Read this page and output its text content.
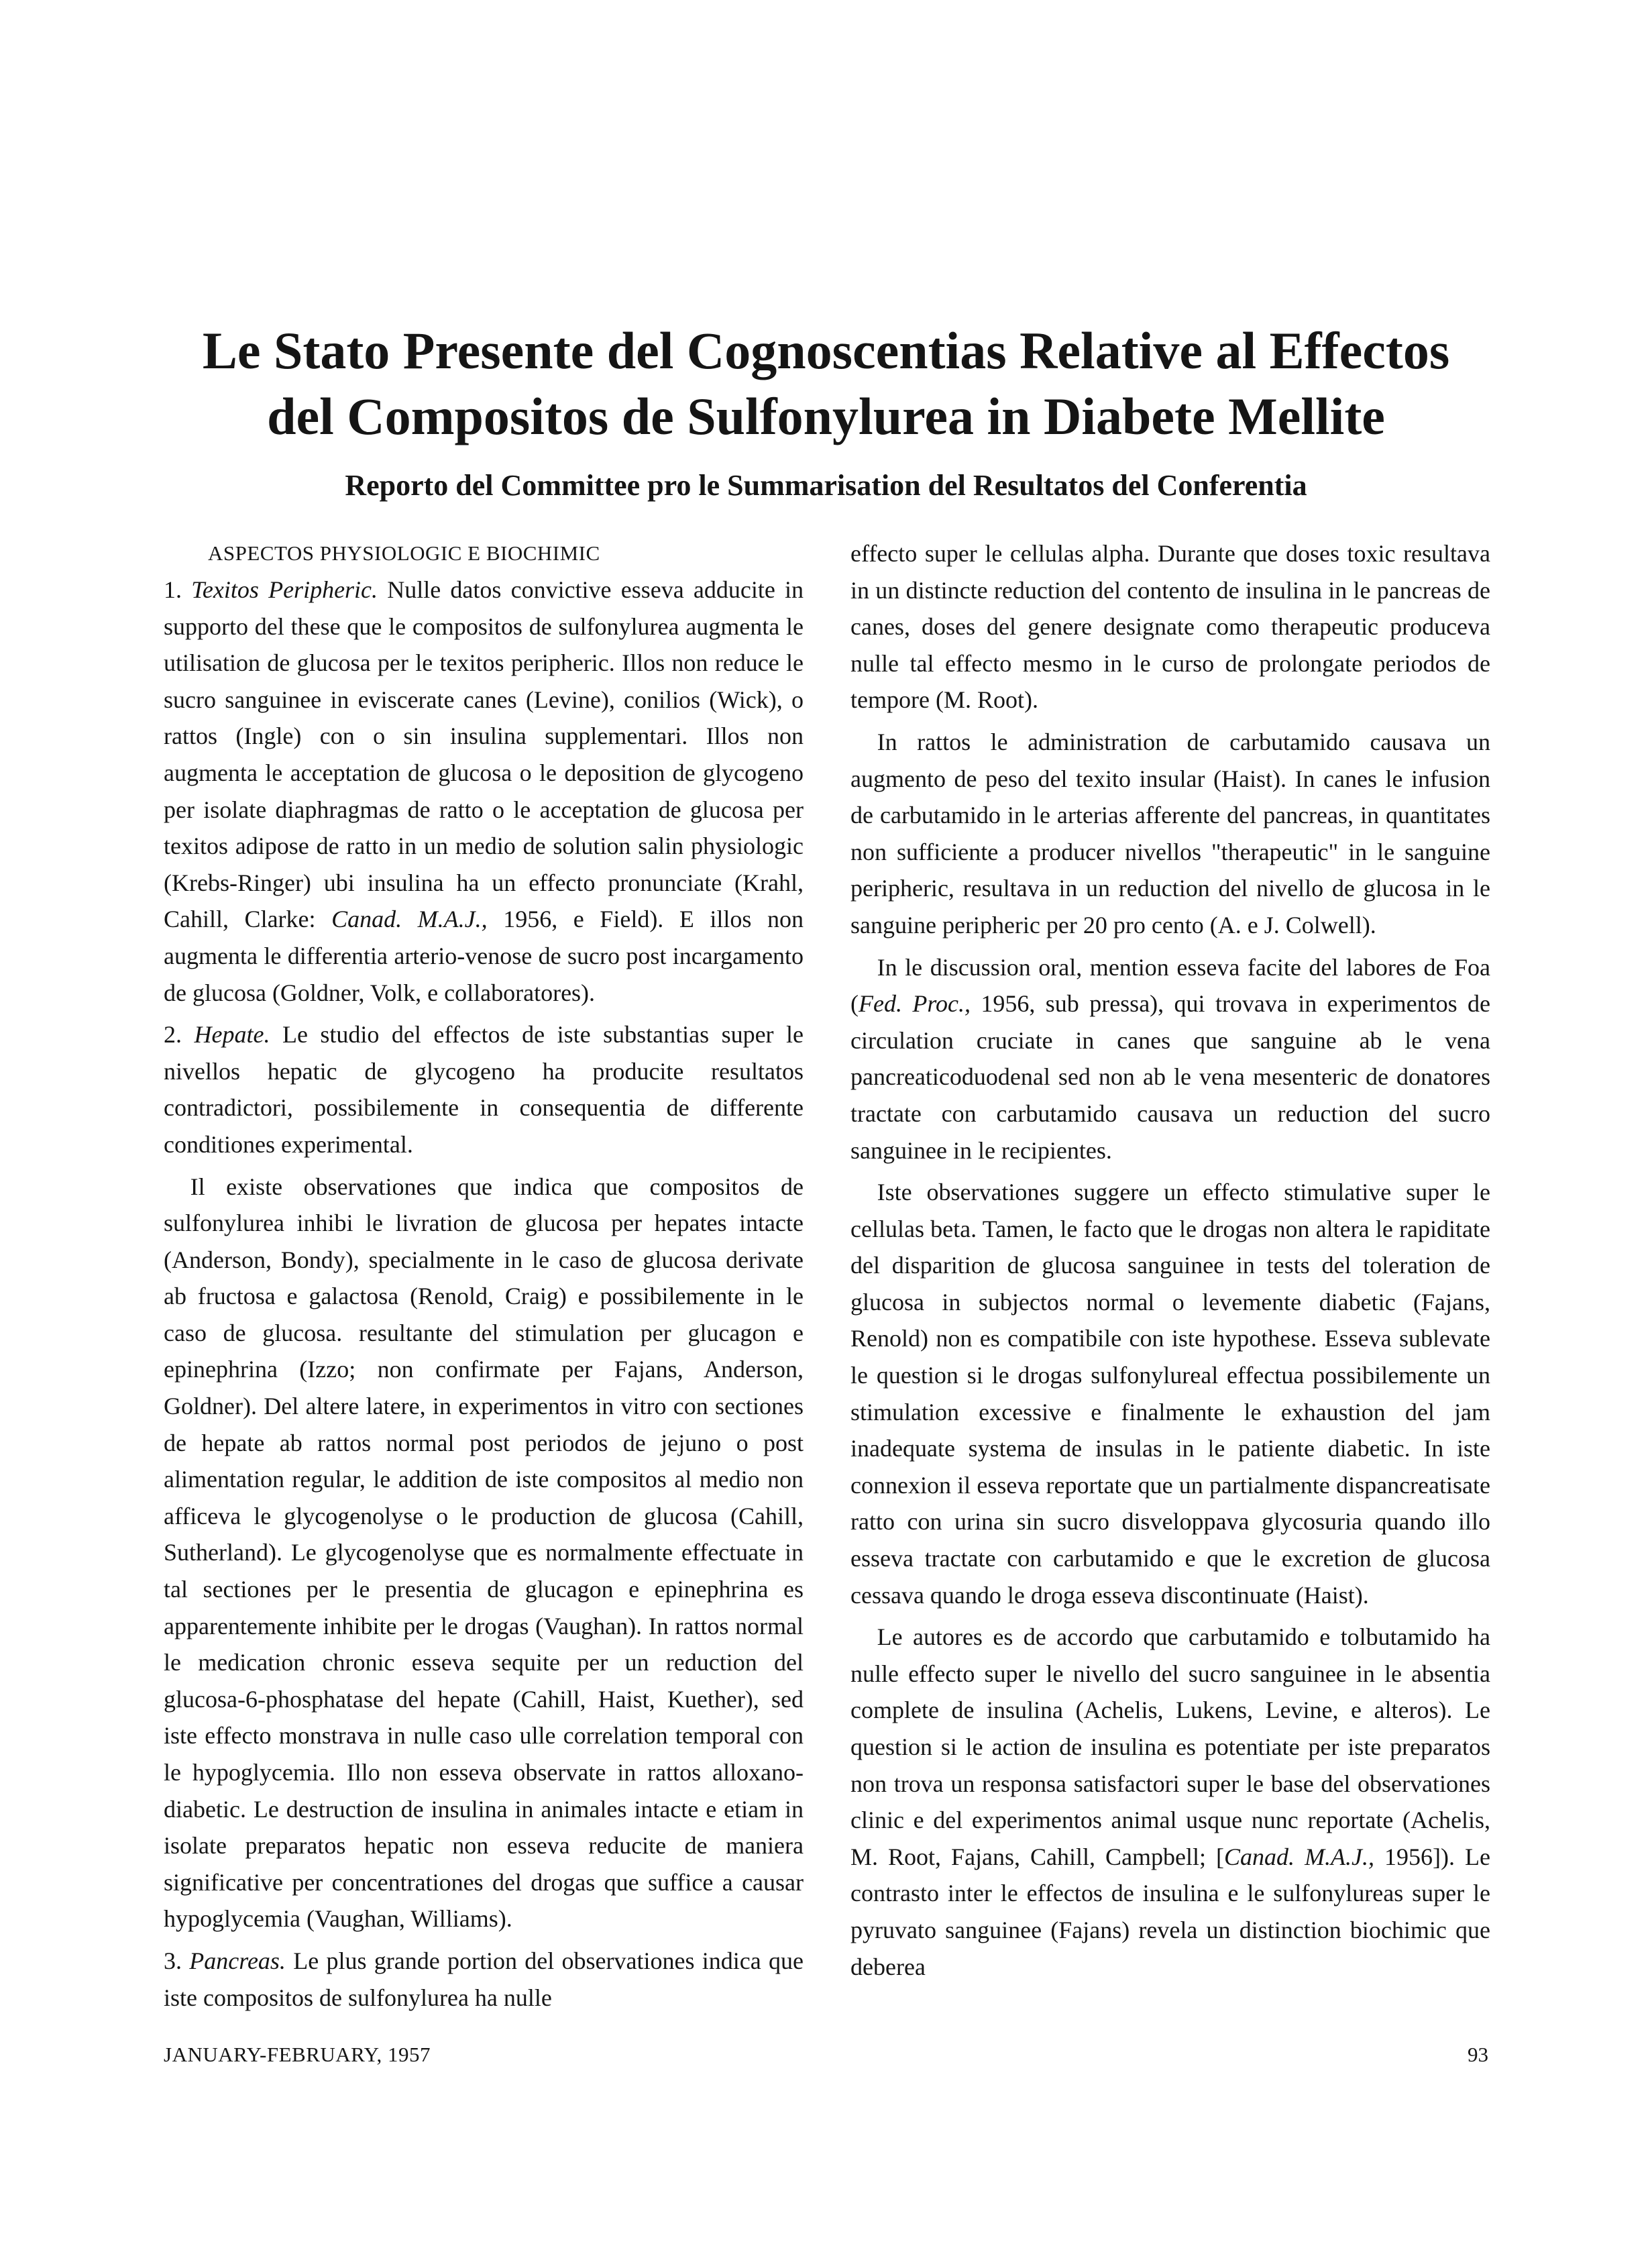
Le Stato Presente del Cognoscentias Relative al Effectos
del Compositos de Sulfonylurea in Diabete Mellite
Reporto del Committee pro le Summarisation del Resultatos del Conferentia
ASPECTOS PHYSIOLOGIC E BIOCHIMIC

1. Texitos Peripheric. Nulle datos convictive esseva adducite in supporto del these que le compositos de sulfonylurea augmenta le utilisation de glucosa per le texitos peripheric. Illos non reduce le sucro sanguinee in eviscerate canes (Levine), conilios (Wick), o rattos (Ingle) con o sin insulina supplementari. Illos non augmenta le acceptation de glucosa o le deposition de glycogeno per isolate diaphragmas de ratto o le acceptation de glucosa per texitos adipose de ratto in un medio de solution salin physiologic (Krebs-Ringer) ubi insulina ha un effecto pronunciate (Krahl, Cahill, Clarke: Canad. M.A.J., 1956, e Field). E illos non augmenta le differentia arterio-venose de sucro post incargamento de glucosa (Goldner, Volk, e collaboratores).

2. Hepate. Le studio del effectos de iste substantias super le nivellos hepatic de glycogeno ha producite resultatos contradictori, possibilemente in consequentia de differente conditiones experimental.

Il existe observationes que indica que compositos de sulfonylurea inhibi le livration de glucosa per hepates intacte (Anderson, Bondy), specialmente in le caso de glucosa derivate ab fructosa e galactosa (Renold, Craig) e possibilemente in le caso de glucosa. resultante del stimulation per glucagon e epinephrina (Izzo; non confirmate per Fajans, Anderson, Goldner). Del altere latere, in experimentos in vitro con sectiones de hepate ab rattos normal post periodos de jejuno o post alimentation regular, le addition de iste compositos al medio non afficeva le glycogenolyse o le production de glucosa (Cahill, Sutherland). Le glycogenolyse que es normalmente effectuate in tal sectiones per le presentia de glucagon e epinephrina es apparentemente inhibite per le drogas (Vaughan). In rattos normal le medication chronic esseva sequite per un reduction del glucosa-6-phosphatase del hepate (Cahill, Haist, Kuether), sed iste effecto monstrava in nulle caso ulle correlation temporal con le hypoglycemia. Illo non esseva observate in rattos alloxano-diabetic. Le destruction de insulina in animales intacte e etiam in isolate preparatos hepatic non esseva reducite de maniera significative per concentrationes del drogas que suffice a causar hypoglycemia (Vaughan, Williams).

3. Pancreas. Le plus grande portion del observationes indica que iste compositos de sulfonylurea ha nulle

effecto super le cellulas alpha. Durante que doses toxic resultava in un distincte reduction del contento de insulina in le pancreas de canes, doses del genere designate como therapeutic produceva nulle tal effecto mesmo in le curso de prolongate periodos de tempore (M. Root).

In rattos le administration de carbutamido causava un augmento de peso del texito insular (Haist). In canes le infusion de carbutamido in le arterias afferente del pancreas, in quantitates non sufficiente a producer nivellos "therapeutic" in le sanguine peripheric, resultava in un reduction del nivello de glucosa in le sanguine peripheric per 20 pro cento (A. e J. Colwell).

In le discussion oral, mention esseva facite del labores de Foa (Fed. Proc., 1956, sub pressa), qui trovava in experimentos de circulation cruciate in canes que sanguine ab le vena pancreaticoduodenal sed non ab le vena mesenteric de donatores tractate con carbutamido causava un reduction del sucro sanguinee in le recipientes.

Iste observationes suggere un effecto stimulative super le cellulas beta. Tamen, le facto que le drogas non altera le rapiditate del disparition de glucosa sanguinee in tests del toleration de glucosa in subjectos normal o levemente diabetic (Fajans, Renold) non es compatibile con iste hypothese. Esseva sublevate le question si le drogas sulfonylureal effectua possibilemente un stimulation excessive e finalmente le exhaustion del jam inadequate systema de insulas in le patiente diabetic. In iste connexion il esseva reportate que un partialmente dispancreatisate ratto con urina sin sucro disveloppava glycosuria quando illo esseva tractate con carbutamido e que le excretion de glucosa cessava quando le droga esseva discontinuate (Haist).

Le autores es de accordo que carbutamido e tolbutamido ha nulle effecto super le nivello del sucro sanguinee in le absentia complete de insulina (Achelis, Lukens, Levine, e alteros). Le question si le action de insulina es potentiate per iste preparatos non trova un responsa satisfactori super le base del observationes clinic e del experimentos animal usque nunc reportate (Achelis, M. Root, Fajans, Cahill, Campbell; [Canad. M.A.J., 1956]). Le contrasto inter le effectos de insulina e le sulfonylureas super le pyruvato sanguinee (Fajans) revela un distinction biochimic que deberea

JANUARY-FEBRUARY, 1957	93
